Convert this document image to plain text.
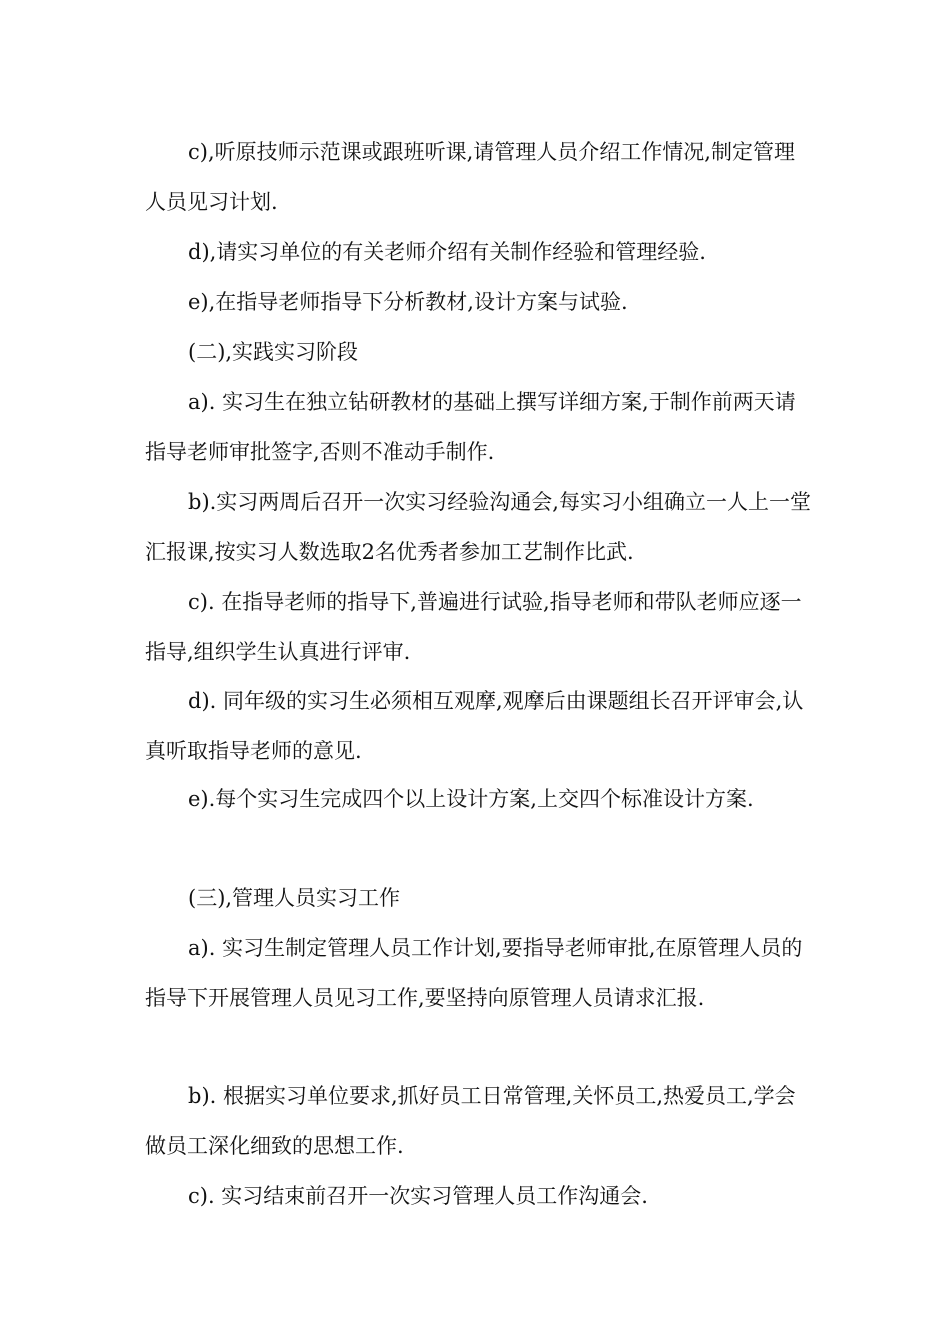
c),听原技师示范课或跟班听课,请管理人员介绍工作情况,制定管理人员见习计划.
d),请实习单位的有关老师介绍有关制作经验和管理经验.
e),在指导老师指导下分析教材,设计方案与试验.
(二),实践实习阶段
a). 实习生在独立钻研教材的基础上撰写详细方案,于制作前两天请指导老师审批签字,否则不准动手制作.
b).实习两周后召开一次实习经验沟通会,每实习小组确立一人上一堂汇报课,按实习人数选取2名优秀者参加工艺制作比武.
c). 在指导老师的指导下,普遍进行试验,指导老师和带队老师应逐一指导,组织学生认真进行评审.
d). 同年级的实习生必须相互观摩,观摩后由课题组长召开评审会,认真听取指导老师的意见.
e).每个实习生完成四个以上设计方案,上交四个标准设计方案.
(三),管理人员实习工作
a). 实习生制定管理人员工作计划,要指导老师审批,在原管理人员的指导下开展管理人员见习工作,要坚持向原管理人员请求汇报.
b). 根据实习单位要求,抓好员工日常管理,关怀员工,热爱员工,学会做员工深化细致的思想工作.
c). 实习结束前召开一次实习管理人员工作沟通会.
